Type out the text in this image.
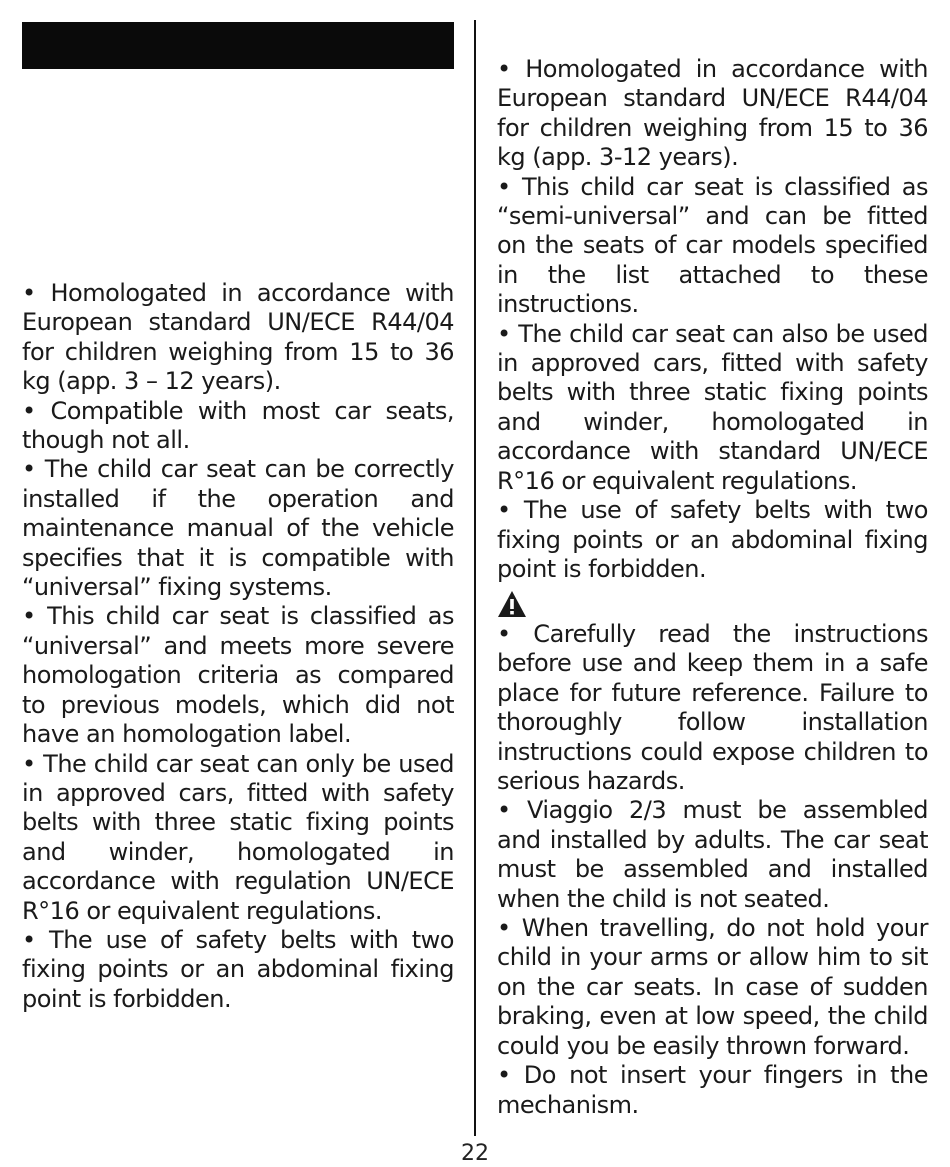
• Homologated in accordance with European standard UN/ECE R44/04 for children weighing from 15 to 36 kg (app. 3 – 12 years).

• Compatible with most car seats, though not all.

• The child car seat can be correctly installed if the operation and maintenance manual of the vehicle specifies that it is compatible with “universal” fixing systems.

• This child car seat is classified as “universal” and meets more severe homologation criteria as compared to previous models, which did not have an homologation label.

• The child car seat can only be used in approved cars, fitted with safety belts with three static fixing points and winder, homologated in accordance with regulation UN/ECE R°16 or equivalent regulations.

• The use of safety belts with two fixing points or an abdominal fixing point is forbidden.

• Homologated in accordance with European standard UN/ECE R44/04 for children weighing from 15 to 36 kg (app. 3-12 years).

• This child car seat is classified as “semi-universal” and can be fitted on the seats of car models specified in the list attached to these instructions.

• The child car seat can also be used in approved cars, fitted with safety belts with three static fixing points and winder, homologated in accordance with standard UN/ECE R°16 or equivalent regulations.

• The use of safety belts with two fixing points or an abdominal fixing point is forbidden.

• Carefully read the instructions before use and keep them in a safe place for future reference. Failure to thoroughly follow installation instructions could expose children to serious hazards.

• Viaggio 2/3 must be assembled and installed by adults. The car seat must be assembled and installed when the child is not seated.

• When travelling, do not hold your child in your arms or allow him to sit on the car seats. In case of sudden braking, even at low speed, the child could you be easily thrown forward.

• Do not insert your fingers in the mechanism.

22
